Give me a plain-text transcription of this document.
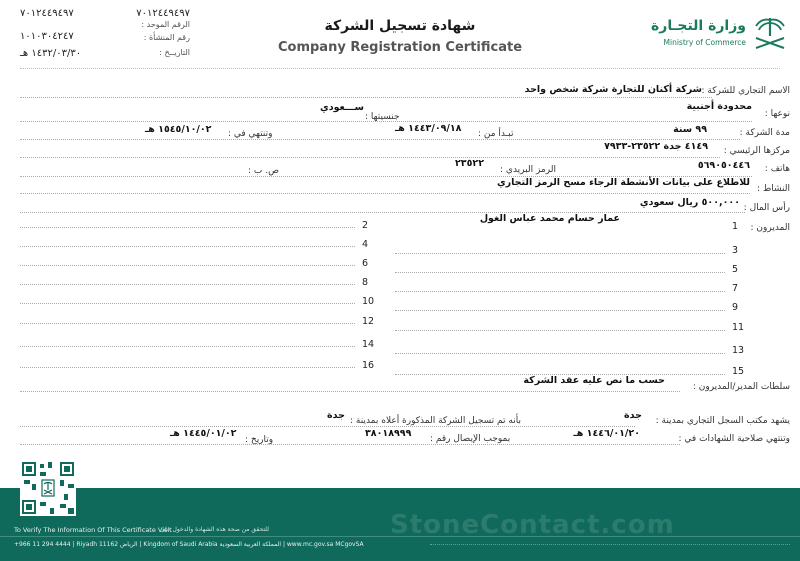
٧٠١٢٤٤٩٤٩٧
٧٠١٢٤٤٩٤٩٧
الرقم الموحد :
١٠١٠٣٠٤٢٤٧	رقم المنشأة :
١٤٣٢/٠٣/٣٠ هـ	التاريــخ :
شهادة تسجيل الشركة
Company Registration Certificate
وزارة التجـارة
Ministry of Commerce
الاسم التجاري للشركة :
شركة أكنان للتجارة شركة شخص واحد
نوعها :
محدودة أجنبية
جنسيتها :
ســـعودي
مدة الشركة :
٩٩ سنة
تبـدأ من :
١٤٤٣/٠٩/١٨ هـ
وتنتهي في :
١٥٤٥/١٠/٠٢ هـ
مركزها الرئيسي :
٤١٤٩ جدة ٢٣٥٢٢-٧٩٣٣
هاتف :
٥٦٩٠٥٠٤٤٦
الرمز البريدي :
٢٣٥٢٢
ص. ب :
النشاط :
للاطلاع على بيانات الأنشطة الرجاء مسح الرمز التجاري
رأس المال :
٥٠٠,٠٠٠ ريال سعودي
المديرون :
عمار حسام محمد عباس الغول
1
2
3
4
5
6
7
8
9
10
11
12
13
14
15
16
سلطات المدير/المديرون :
حسب ما نص عليه عقد الشركة
يشهد مكتب السجل التجاري بمدينة :
جدة
بأنه تم تسجيل الشركة المذكورة أعلاه بمدينة :
جدة
وتنتهي صلاحية الشهادات في :
١٤٤٦/٠١/٢٠ هـ
بموجب الإيصال رقم :
٣٨٠١٨٩٩٩
وتاريخ :
١٤٤٥/٠١/٠٢ هـ
To Verify The Information Of This Certificate Visit
للتحقق من صحة هذه الشهادة والدخول على
+966 11 294 4444 | Riyadh 11162 الرياض | Kingdom of Saudi Arabia المملكة العربية السعودية | www.mc.gov.sa MCgovSA
StoneContact.com
